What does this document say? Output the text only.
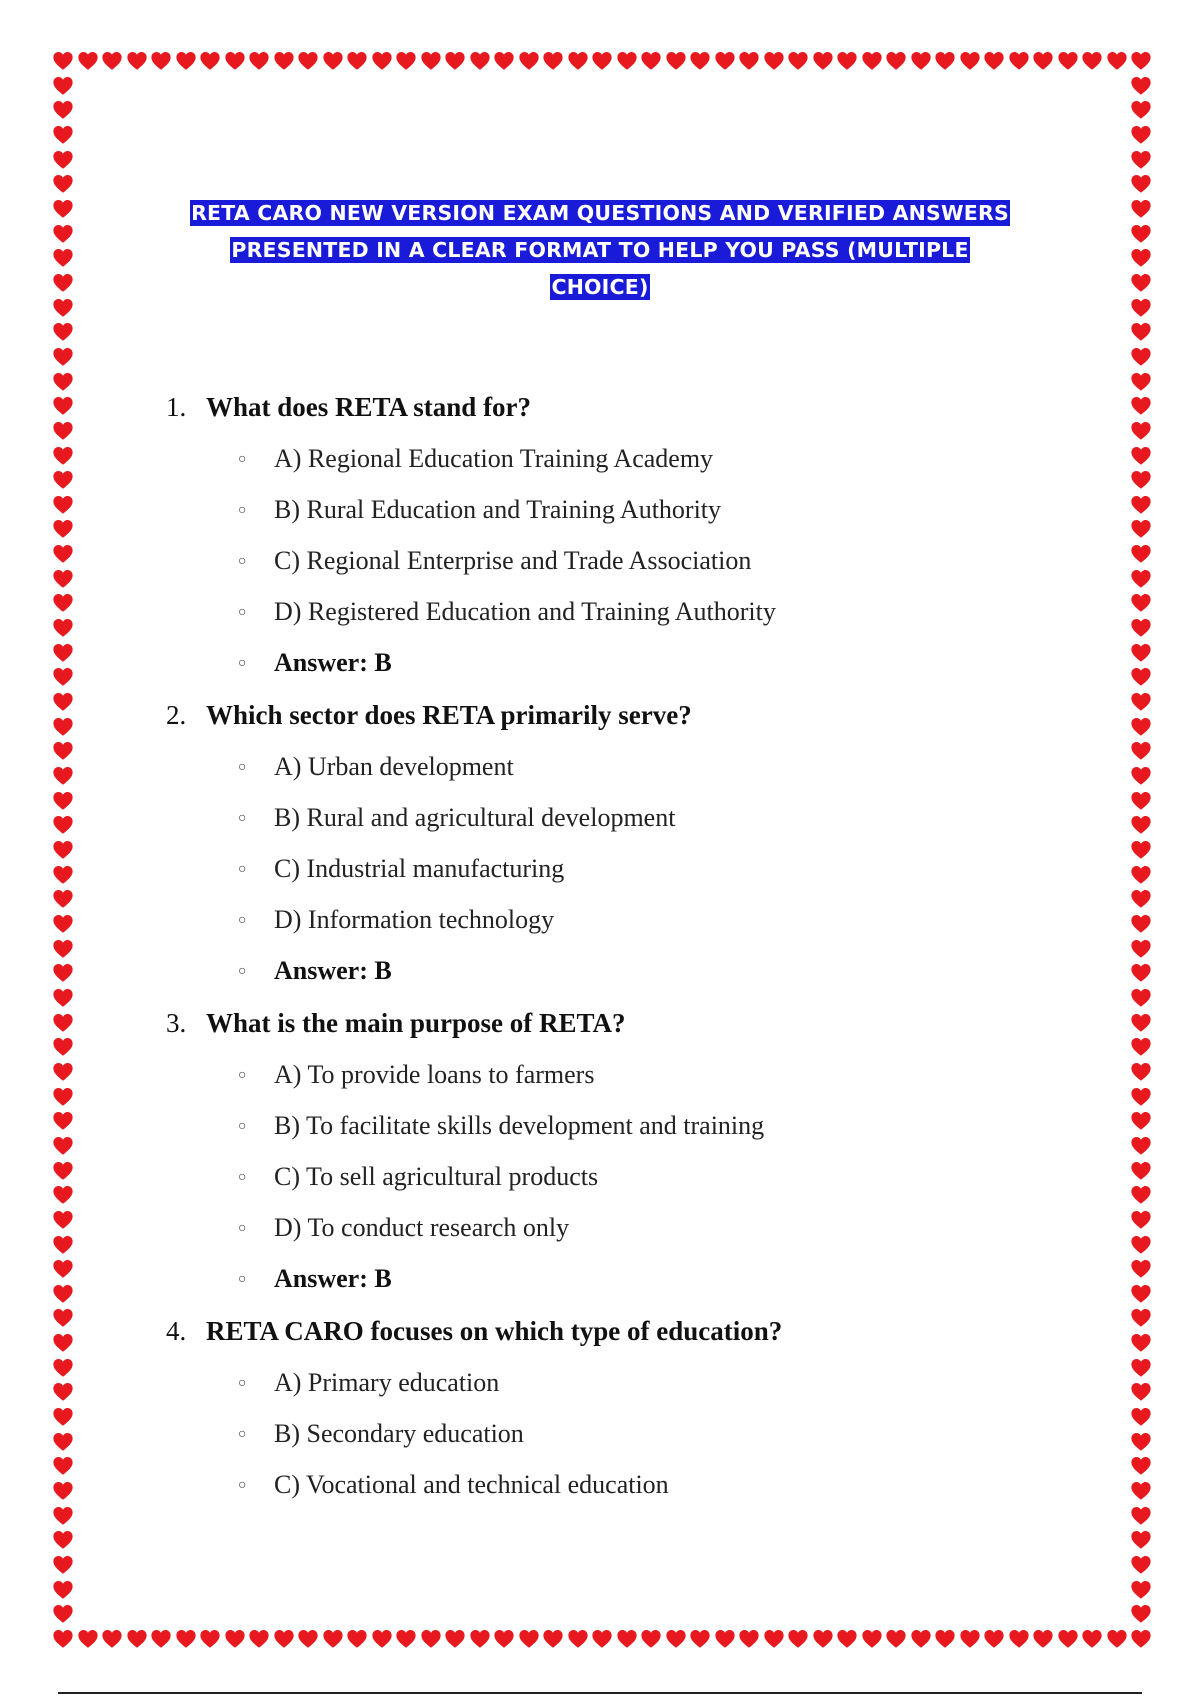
RETA CARO NEW VERSION EXAM QUESTIONS AND VERIFIED ANSWERS
PRESENTED IN A CLEAR FORMAT TO HELP YOU PASS (MULTIPLE
CHOICE)
1. What does RETA stand for?
○	A) Regional Education Training Academy
○	B) Rural Education and Training Authority
○	C) Regional Enterprise and Trade Association
○	D) Registered Education and Training Authority
○	Answer: B
2. Which sector does RETA primarily serve?
○	A) Urban development
○	B) Rural and agricultural development
○	C) Industrial manufacturing
○	D) Information technology
○	Answer: B
3. What is the main purpose of RETA?
○	A) To provide loans to farmers
○	B) To facilitate skills development and training
○	C) To sell agricultural products
○	D) To conduct research only
○	Answer: B
4. RETA CARO focuses on which type of education?
○	A) Primary education
○	B) Secondary education
○	C) Vocational and technical education
